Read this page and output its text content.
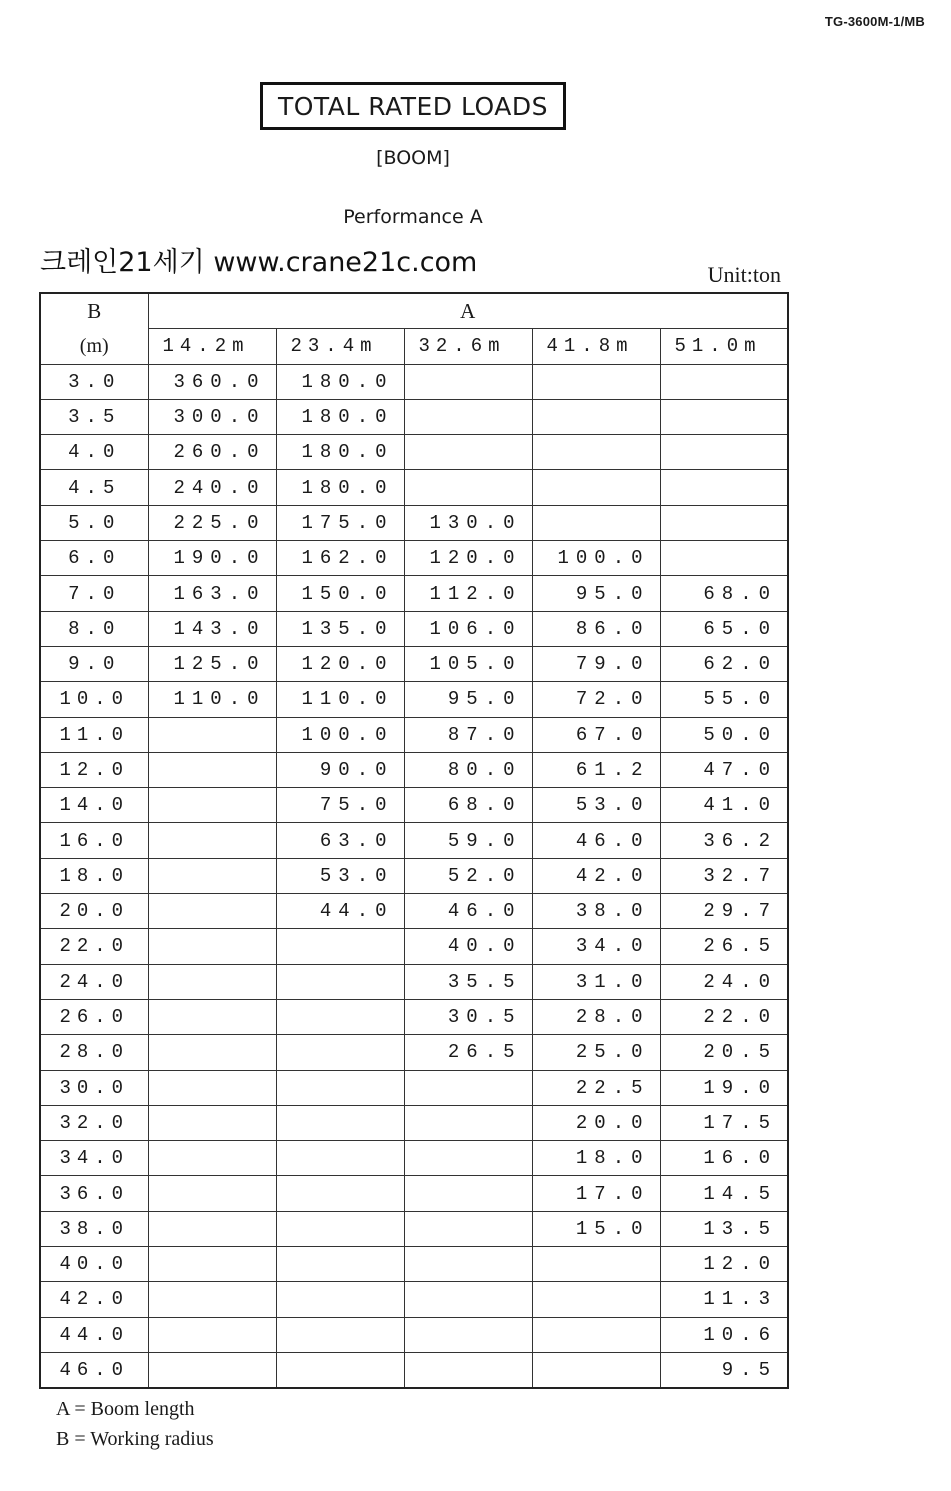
TG-3600M-1/MB
TOTAL RATED LOADS
[BOOM]
Performance A
크레인21세기 www.crane21c.com	Unit:ton
B	A				
(m)	14.2m	23.4m	32.6m	41.8m	51.0m
3.0	360.0	180.0			
3.5	300.0	180.0			
4.0	260.0	180.0			
4.5	240.0	180.0			
5.0	225.0	175.0	130.0		
6.0	190.0	162.0	120.0	100.0	
7.0	163.0	150.0	112.0	95.0	68.0
8.0	143.0	135.0	106.0	86.0	65.0
9.0	125.0	120.0	105.0	79.0	62.0
10.0	110.0	110.0	95.0	72.0	55.0
11.0		100.0	87.0	67.0	50.0
12.0		90.0	80.0	61.2	47.0
14.0		75.0	68.0	53.0	41.0
16.0		63.0	59.0	46.0	36.2
18.0		53.0	52.0	42.0	32.7
20.0		44.0	46.0	38.0	29.7
22.0			40.0	34.0	26.5
24.0			35.5	31.0	24.0
26.0			30.5	28.0	22.0
28.0			26.5	25.0	20.5
30.0				22.5	19.0
32.0				20.0	17.5
34.0				18.0	16.0
36.0				17.0	14.5
38.0				15.0	13.5
40.0					12.0
42.0					11.3
44.0					10.6
46.0					9.5
A = Boom length
B = Working radius
